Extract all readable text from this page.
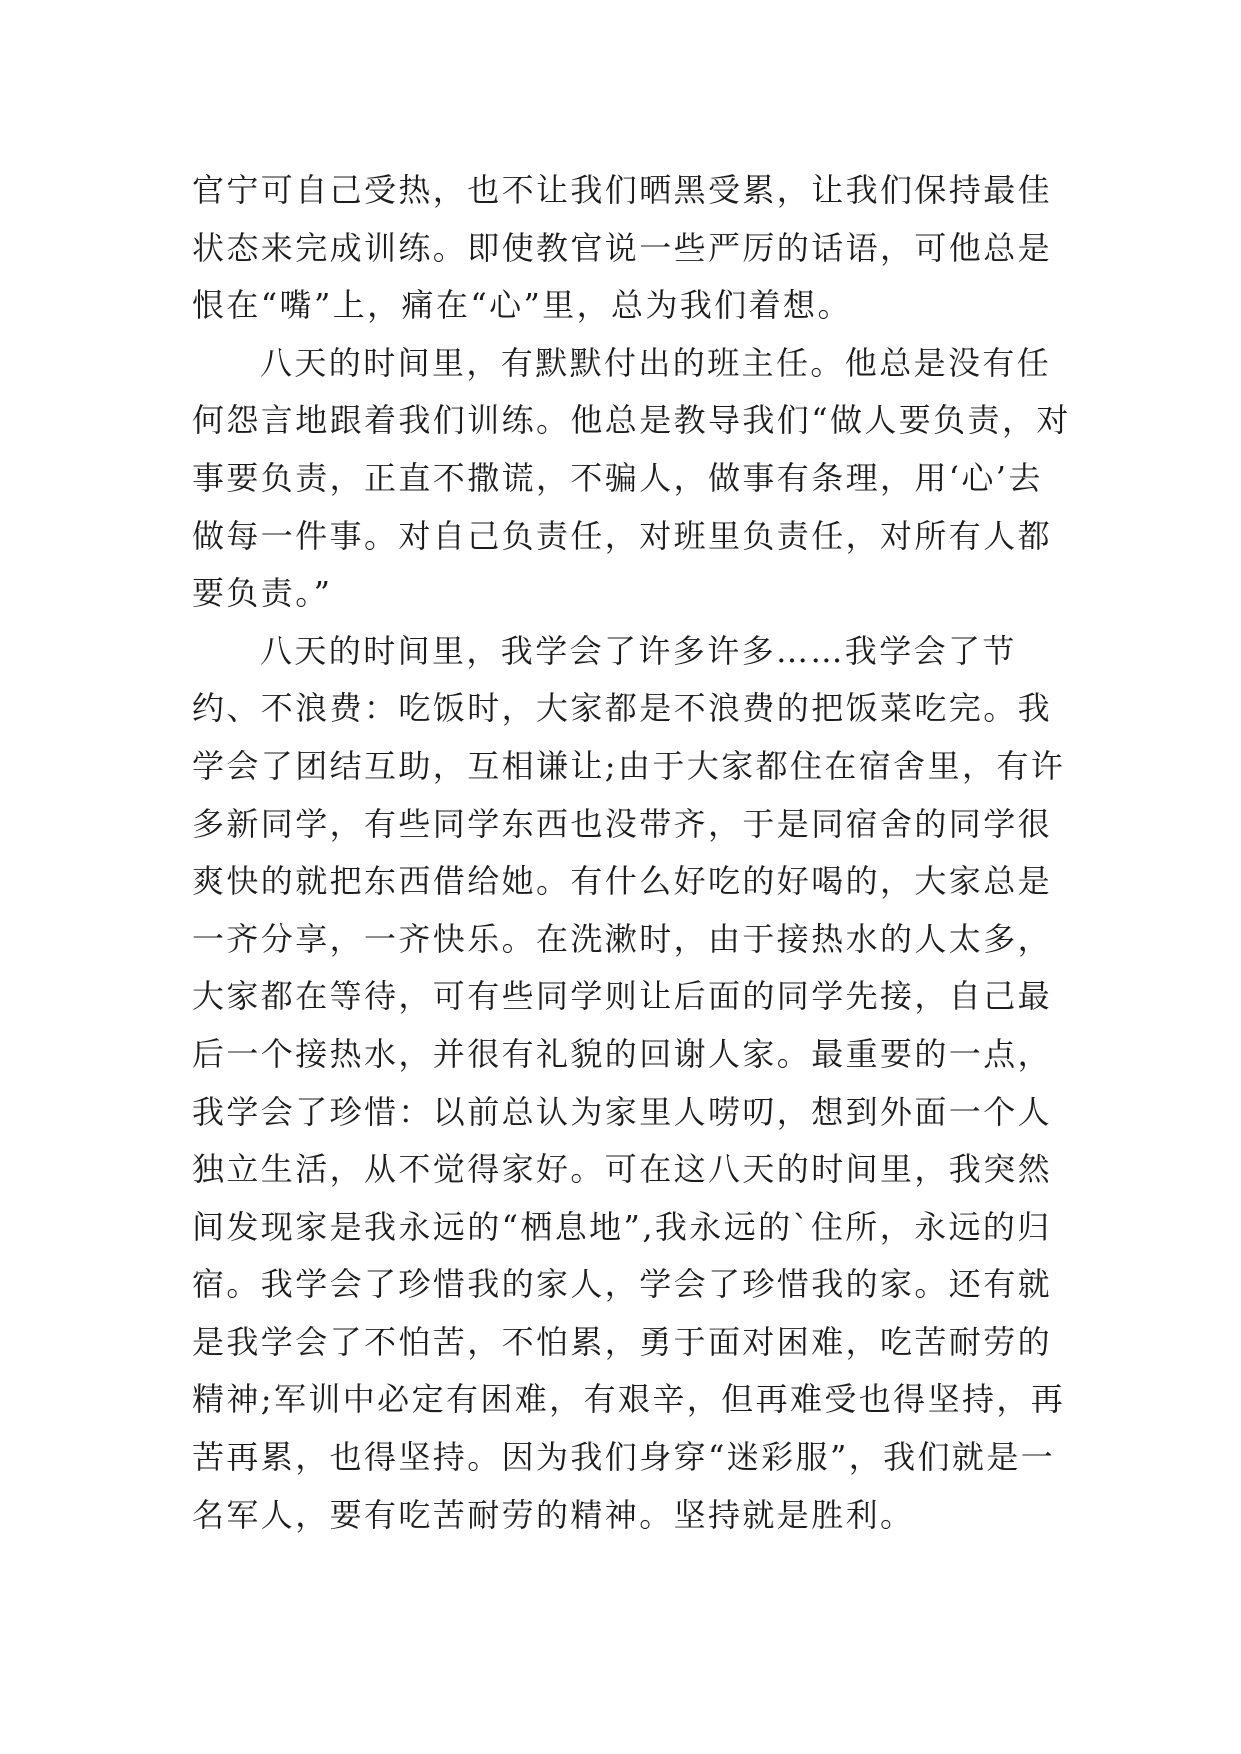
官宁可自己受热，也不让我们晒黑受累，让我们保持最佳状态来完成训练。即使教官说一些严厉的话语，可他总是恨在“嘴”上，痛在“心”里，总为我们着想。

八天的时间里，有默默付出的班主任。他总是没有任何怨言地跟着我们训练。他总是教导我们“做人要负责，对事要负责，正直不撒谎，不骗人，做事有条理，用‘心’去做每一件事。对自己负责任，对班里负责任，对所有人都要负责。”

八天的时间里，我学会了许多许多……我学会了节约、不浪费：吃饭时，大家都是不浪费的把饭菜吃完。我学会了团结互助，互相谦让;由于大家都住在宿舍里，有许多新同学，有些同学东西也没带齐，于是同宿舍的同学很爽快的就把东西借给她。有什么好吃的好喝的，大家总是一齐分享，一齐快乐。在洗漱时，由于接热水的人太多，大家都在等待，可有些同学则让后面的同学先接，自己最后一个接热水，并很有礼貌的回谢人家。最重要的一点，我学会了珍惜：以前总认为家里人唠叨，想到外面一个人独立生活，从不觉得家好。可在这八天的时间里，我突然间发现家是我永远的“栖息地”,我永远的`住所，永远的归宿。我学会了珍惜我的家人，学会了珍惜我的家。还有就是我学会了不怕苦，不怕累，勇于面对困难，吃苦耐劳的精神;军训中必定有困难，有艰辛，但再难受也得坚持，再苦再累，也得坚持。因为我们身穿“迷彩服”，我们就是一名军人，要有吃苦耐劳的精神。坚持就是胜利。
